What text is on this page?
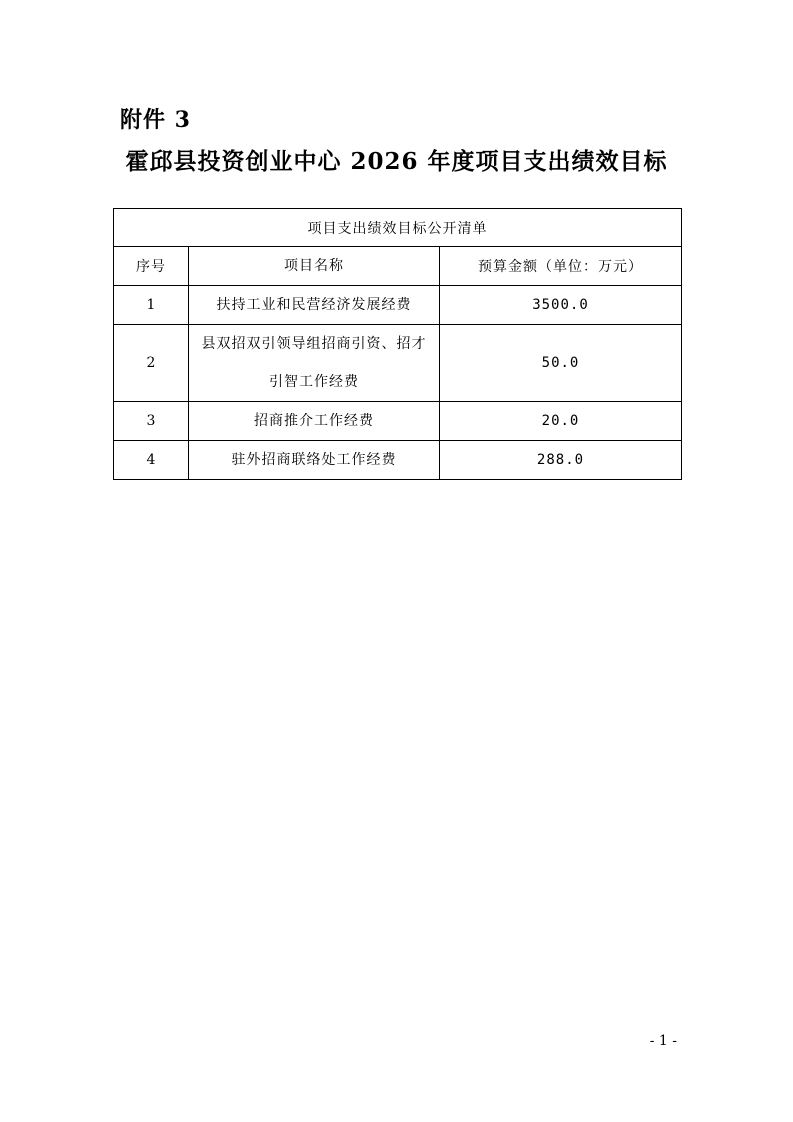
附件 3
霍邱县投资创业中心 2026 年度项目支出绩效目标
项目支出绩效目标公开清单		
序号	项目名称	预算金额（单位：万元）
1	扶持工业和民营经济发展经费	3500.0
2	县双招双引领导组招商引资、招才引智工作经费	50.0
3	招商推介工作经费	20.0
4	驻外招商联络处工作经费	288.0
- 1 -
